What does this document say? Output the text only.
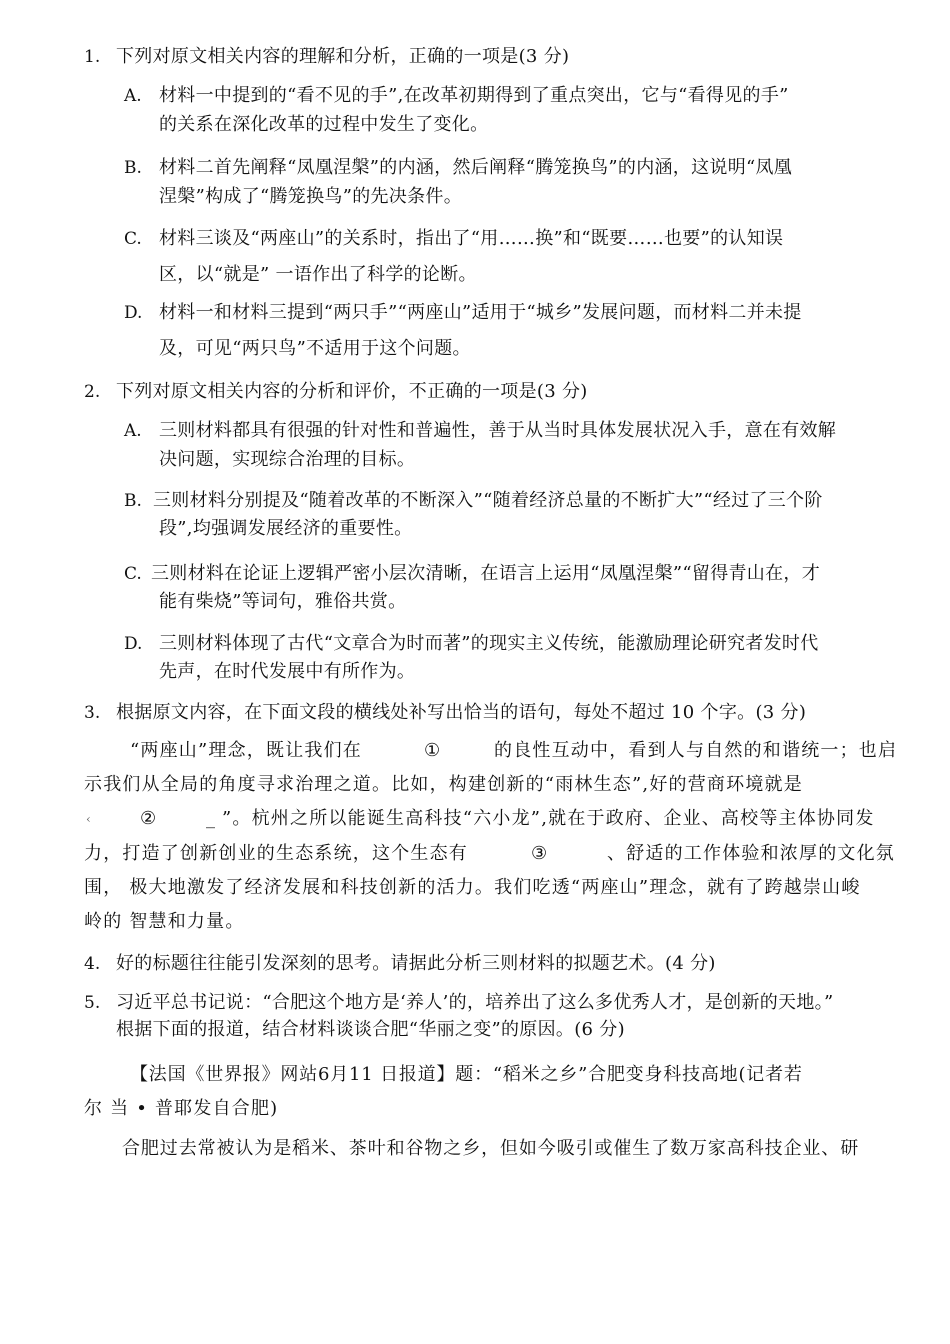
1. 下列对原文相关内容的理解和分析，正确的一项是(3 分)
A. 材料一中提到的“看不见的手”,在改革初期得到了重点突出，它与“看得见的手”
的关系在深化改革的过程中发生了变化。
B. 材料二首先阐释“凤凰涅槃”的内涵，然后阐释“腾笼换鸟”的内涵，这说明“凤凰
涅槃”构成了“腾笼换鸟”的先决条件。
C. 材料三谈及“两座山”的关系时，指出了“用……换”和“既要……也要”的认知误
区，以“就是” 一语作出了科学的论断。
D. 材料一和材料三提到“两只手”“两座山”适用于“城乡”发展问题，而材料二并未提
及，可见“两只鸟”不适用于这个问题。
2. 下列对原文相关内容的分析和评价，不正确的一项是(3 分)
A. 三则材料都具有很强的针对性和普遍性，善于从当时具体发展状况入手，意在有效解
决问题，实现综合治理的目标。
B. 三则材料分别提及“随着改革的不断深入”“随着经济总量的不断扩大”“经过了三个阶
段”,均强调发展经济的重要性。
C. 三则材料在论证上逻辑严密小层次清晰，在语言上运用“凤凰涅槃”“留得青山在，才
能有柴烧”等词句，雅俗共赏。
D. 三则材料体现了古代“文章合为时而著”的现实主义传统，能激励理论研究者发时代
先声，在时代发展中有所作为。
3. 根据原文内容，在下面文段的横线处补写出恰当的语句，每处不超过 10 个字。(3 分)
“两座山”理念，既让我们在	①	的良性互动中，看到人与自然的和谐统一；也启
示我们从全局的角度寻求治理之道。比如，构建创新的“雨林生态”,好的营商环境就是
‹	②	_ ”。杭州之所以能诞生高科技“六小龙”,就在于政府、企业、高校等主体协同发
力，打造了创新创业的生态系统，这个生态有	③	、舒适的工作体验和浓厚的文化氛
围， 极大地激发了经济发展和科技创新的活力。我们吃透“两座山”理念，就有了跨越崇山峻
岭的 智慧和力量。
4. 好的标题往往能引发深刻的思考。请据此分析三则材料的拟题艺术。(4 分)
5. 习近平总书记说：“合肥这个地方是‘养人’的，培养出了这么多优秀人才，是创新的天地。”
根据下面的报道，结合材料谈谈合肥“华丽之变”的原因。(6 分)
【法国《世界报》网站6月11 日报道】题：“稻米之乡”合肥变身科技高地(记者若
尔 当 • 普耶发自合肥)
合肥过去常被认为是稻米、茶叶和谷物之乡，但如今吸引或催生了数万家高科技企业、研
